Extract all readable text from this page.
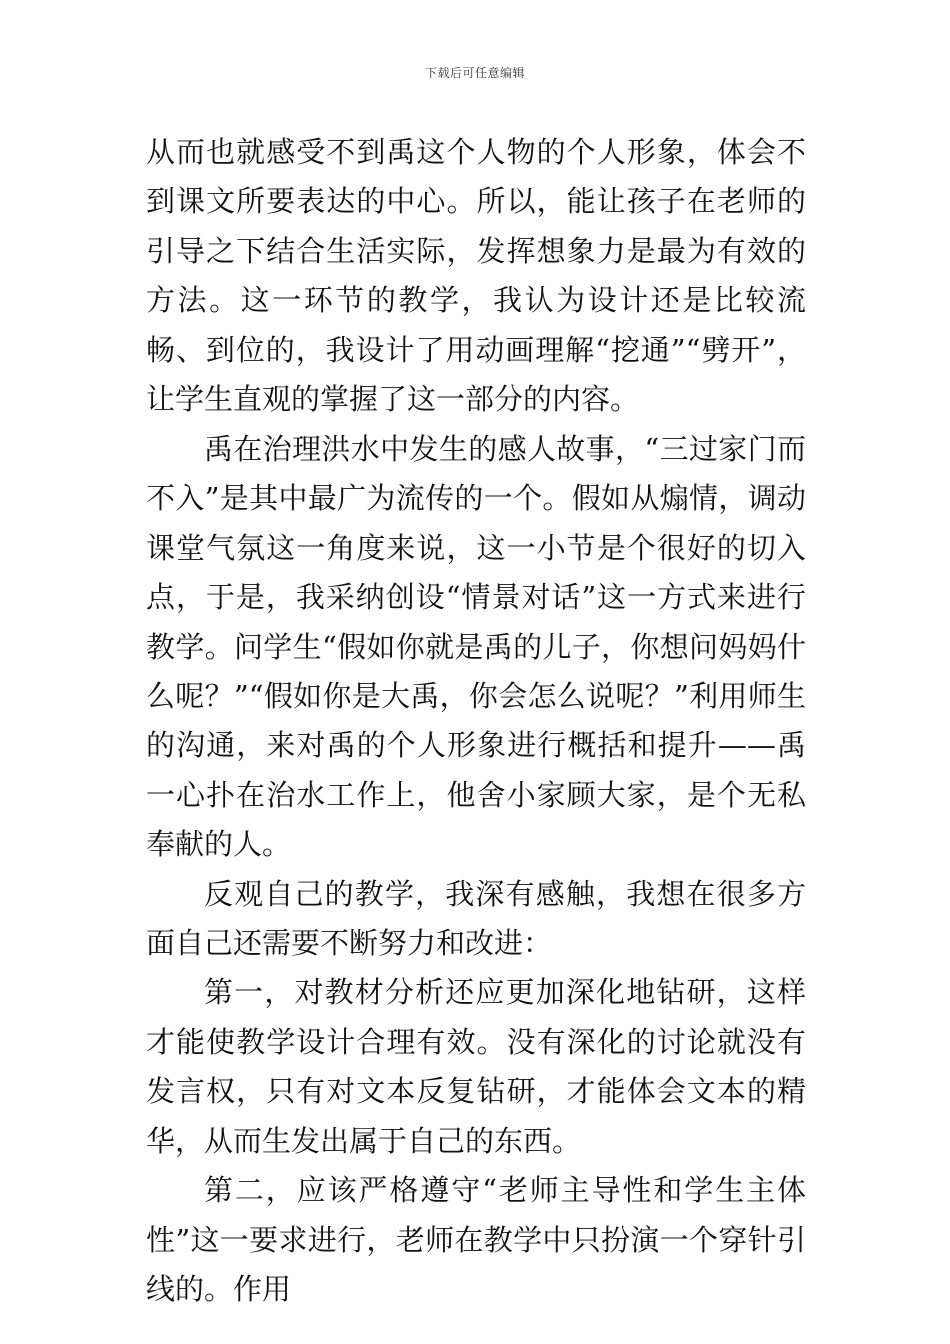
下载后可任意编辑

从而也就感受不到禹这个人物的个人形象，体会不到课文所要表达的中心。所以，能让孩子在老师的引导之下结合生活实际，发挥想象力是最为有效的方法。这一环节的教学，我认为设计还是比较流畅、到位的，我设计了用动画理解“挖通”“劈开”，让学生直观的掌握了这一部分的内容。

禹在治理洪水中发生的感人故事，“三过家门而不入”是其中最广为流传的一个。假如从煽情，调动课堂气氛这一角度来说，这一小节是个很好的切入点，于是，我采纳创设“情景对话”这一方式来进行教学。问学生“假如你就是禹的儿子，你想问妈妈什么呢？”“假如你是大禹，你会怎么说呢？”利用师生的沟通，来对禹的个人形象进行概括和提升——禹一心扑在治水工作上，他舍小家顾大家，是个无私奉献的人。

反观自己的教学，我深有感触，我想在很多方面自己还需要不断努力和改进：

第一，对教材分析还应更加深化地钻研，这样才能使教学设计合理有效。没有深化的讨论就没有发言权，只有对文本反复钻研，才能体会文本的精华，从而生发出属于自己的东西。

第二，应该严格遵守“老师主导性和学生主体性”这一要求进行，老师在教学中只扮演一个穿针引线的。作用
